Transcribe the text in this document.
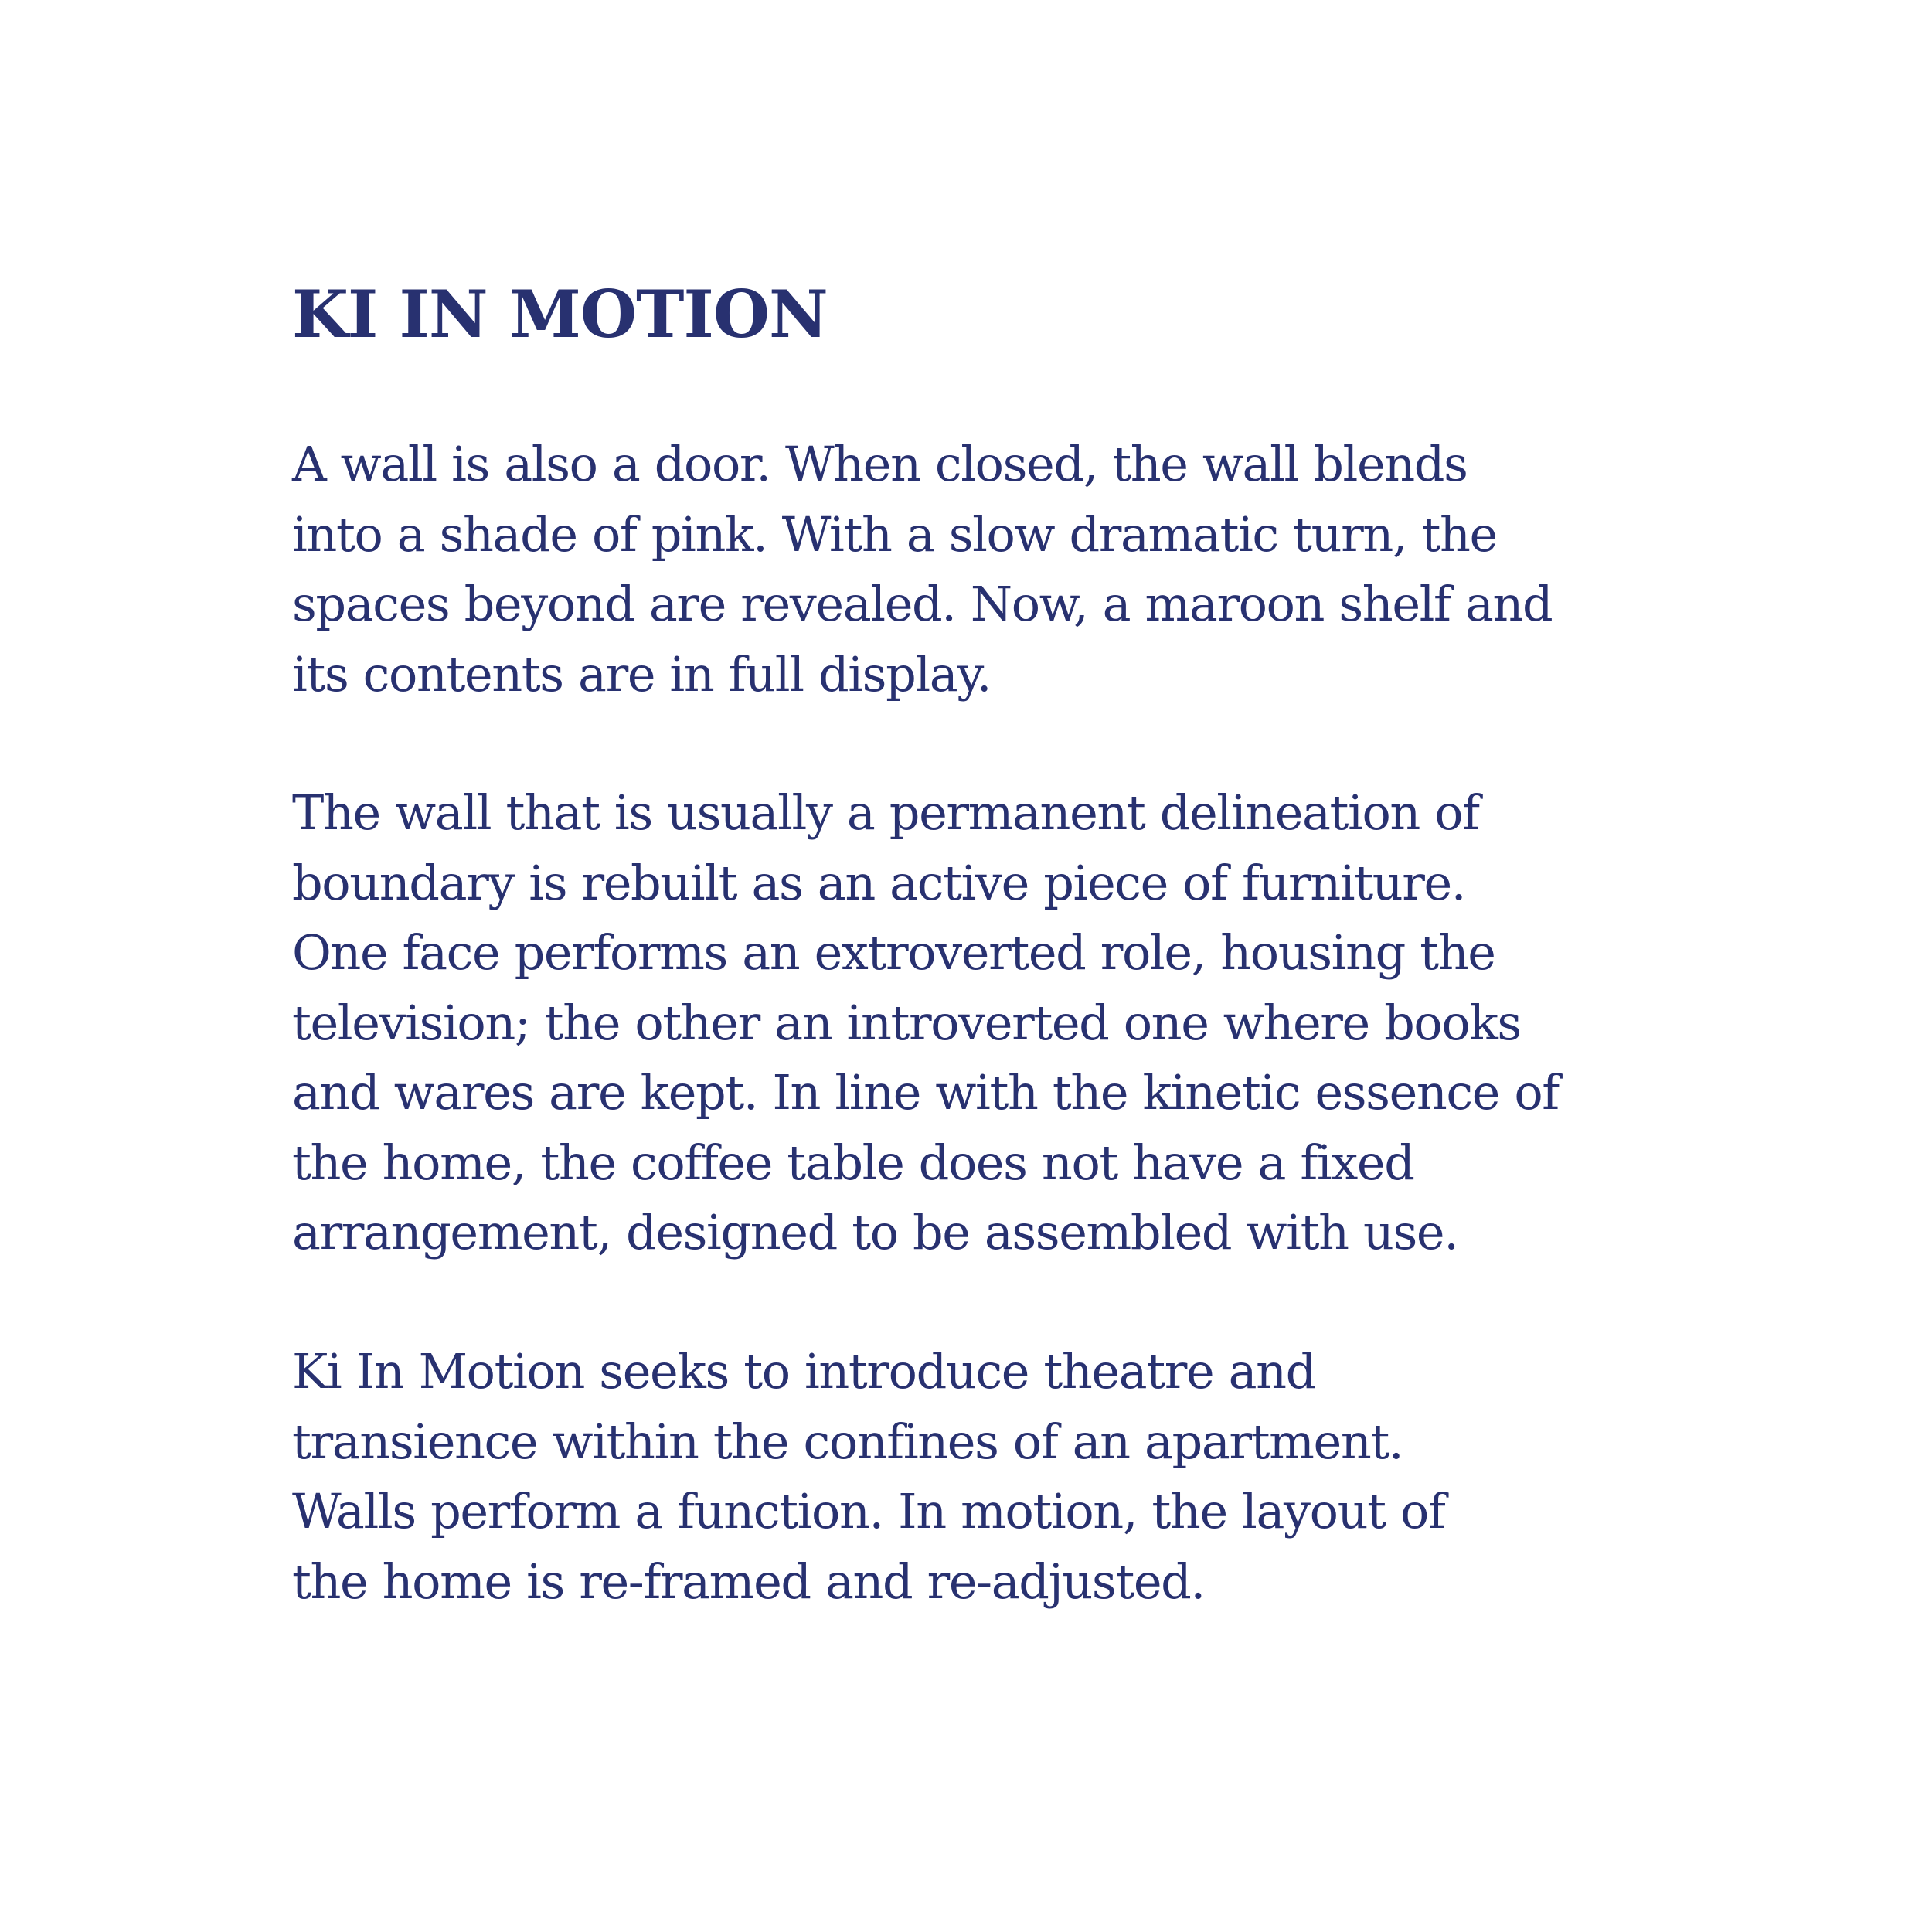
KI IN MOTION

A wall is also a door. When closed, the wall blends
into a shade of pink. With a slow dramatic turn, the
spaces beyond are revealed. Now, a maroon shelf and
its contents are in full display.

The wall that is usually a permanent delineation of
boundary is rebuilt as an active piece of furniture.
One face performs an extroverted role, housing the
television; the other an introverted one where books
and wares are kept. In line with the kinetic essence of
the home, the coffee table does not have a fixed
arrangement, designed to be assembled with use.

Ki In Motion seeks to introduce theatre and
transience within the confines of an apartment.
Walls perform a function. In motion, the layout of
the home is re-framed and re-adjusted.
